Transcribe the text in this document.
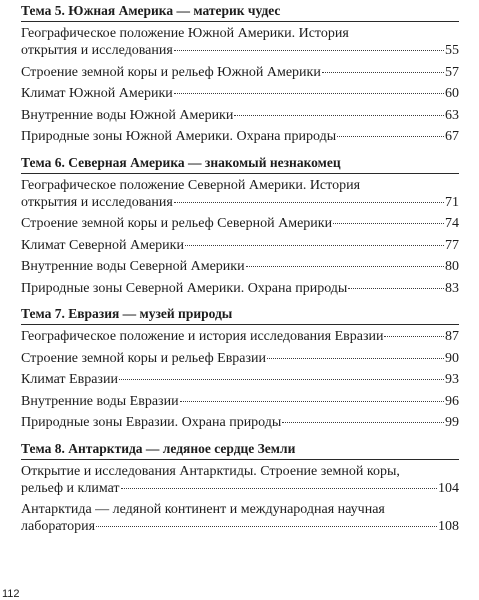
Тема 5. Южная Америка — материк чудес
Географическое положение Южной Америки. История
открытия и исследования	55
Строение земной коры и рельеф Южной Америки	57
Климат Южной Америки	60
Внутренние воды Южной Америки	63
Природные зоны Южной Америки. Охрана природы	67
Тема 6. Северная Америка — знакомый незнакомец
Географическое положение Северной Америки. История
открытия и исследования	71
Строение земной коры и рельеф Северной Америки	74
Климат Северной Америки	77
Внутренние воды Северной Америки	80
Природные зоны Северной Америки. Охрана природы	83
Тема 7. Евразия — музей природы
Географическое положение и история исследования Евразии	87
Строение земной коры и рельеф Евразии	90
Климат Евразии	93
Внутренние воды Евразии	96
Природные зоны Евразии. Охрана природы	99
Тема 8. Антарктида — ледяное сердце Земли
Открытие и исследования Антарктиды. Строение земной коры,
рельеф и климат	104
Антарктида — ледяной континент и международная научная
лаборатория	108
112
